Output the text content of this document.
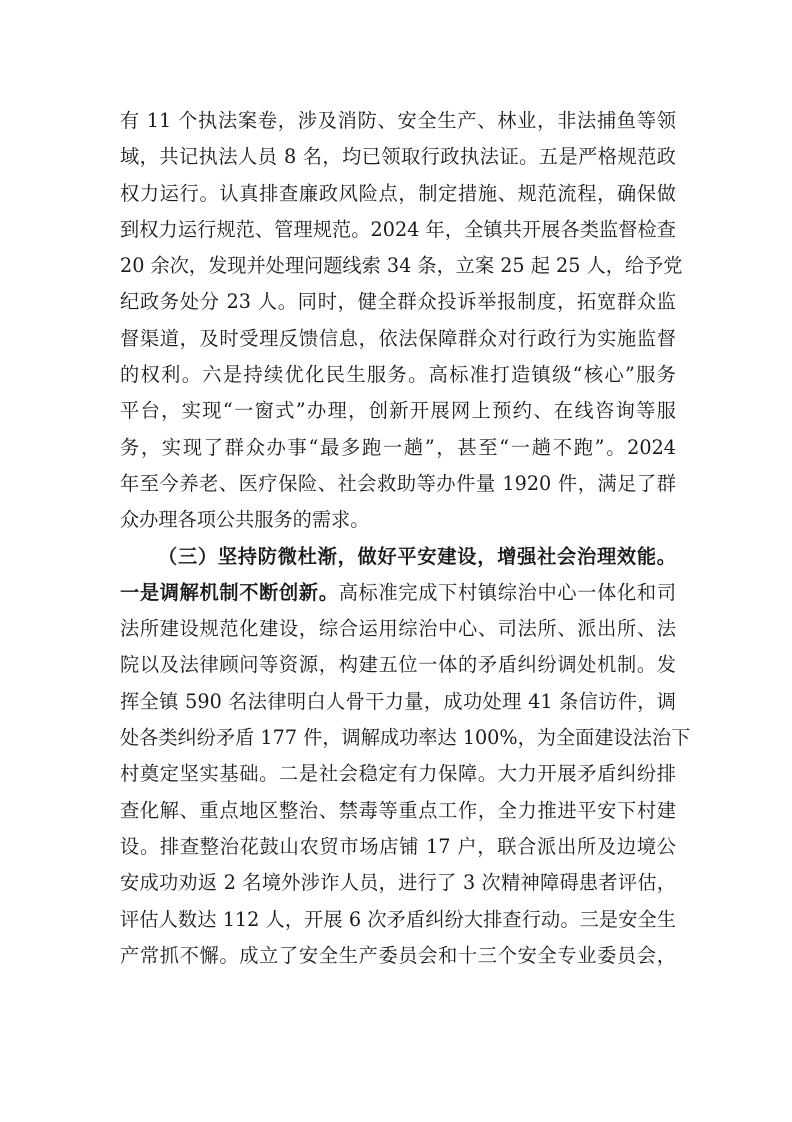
有 11 个执法案卷，涉及消防、安全生产、林业，非法捕鱼等领
域，共记执法人员 8 名，均已领取行政执法证。五是严格规范政
权力运行。认真排查廉政风险点，制定措施、规范流程，确保做
到权力运行规范、管理规范。2024 年，全镇共开展各类监督检查
20 余次，发现并处理问题线索 34 条，立案 25 起 25 人，给予党
纪政务处分 23 人。同时，健全群众投诉举报制度，拓宽群众监
督渠道，及时受理反馈信息，依法保障群众对行政行为实施监督
的权利。六是持续优化民生服务。高标准打造镇级“核心”服务
平台，实现“一窗式”办理，创新开展网上预约、在线咨询等服
务，实现了群众办事“最多跑一趟”，甚至“一趟不跑”。2024
年至今养老、医疗保险、社会救助等办件量 1920 件，满足了群
众办理各项公共服务的需求。
（三）坚持防微杜渐，做好平安建设，增强社会治理效能。
一是调解机制不断创新。高标准完成下村镇综治中心一体化和司
法所建设规范化建设，综合运用综治中心、司法所、派出所、法
院以及法律顾问等资源，构建五位一体的矛盾纠纷调处机制。发
挥全镇 590 名法律明白人骨干力量，成功处理 41 条信访件，调
处各类纠纷矛盾 177 件，调解成功率达 100%，为全面建设法治下
村奠定坚实基础。二是社会稳定有力保障。大力开展矛盾纠纷排
查化解、重点地区整治、禁毒等重点工作，全力推进平安下村建
设。排查整治花鼓山农贸市场店铺 17 户，联合派出所及边境公
安成功劝返 2 名境外涉诈人员，进行了 3 次精神障碍患者评估，
评估人数达 112 人，开展 6 次矛盾纠纷大排查行动。三是安全生
产常抓不懈。成立了安全生产委员会和十三个安全专业委员会，
